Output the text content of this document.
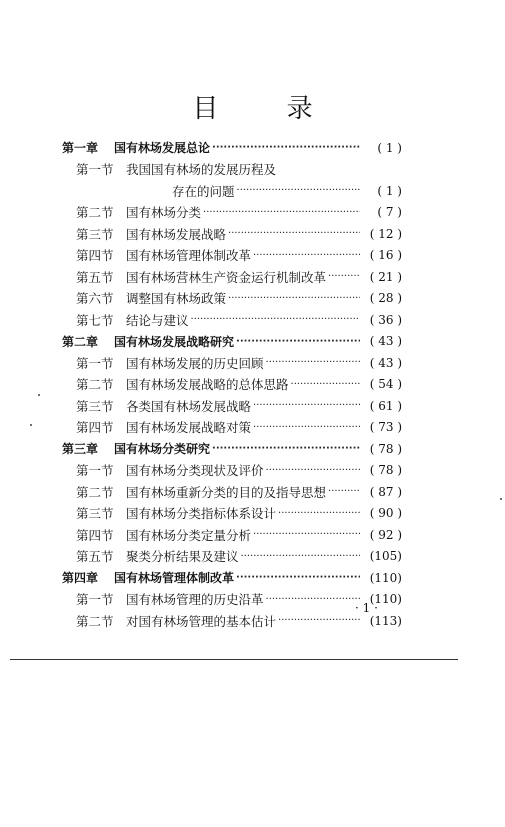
目 录
第一章	国有林场发展总论 ·····	( 1 )
第一节 我国国有林场的发展历程及
存在的问题 ·····	( 1 )
第二节 国有林场分类 ·····	( 7 )
第三节 国有林场发展战略 ·····	( 12 )
第四节 国有林场管理体制改革 ·····	( 16 )
第五节 国有林场营林生产资金运行机制改革 ·····	( 21 )
第六节 调整国有林场政策 ·····	( 28 )
第七节 结论与建议 ·····	( 36 )
第二章	国有林场发展战略研究 ·····	( 43 )
第一节 国有林场发展的历史回顾 ·····	( 43 )
第二节 国有林场发展战略的总体思路 ·····	( 54 )
第三节 各类国有林场发展战略 ·····	( 61 )
第四节 国有林场发展战略对策 ·····	( 73 )
第三章	国有林场分类研究 ·····	( 78 )
第一节 国有林场分类现状及评价 ·····	( 78 )
第二节 国有林场重新分类的目的及指导思想 ·····	( 87 )
第三节 国有林场分类指标体系设计 ·····	( 90 )
第四节 国有林场分类定量分析 ·····	( 92 )
第五节 聚类分析结果及建议 ·····	(105)
第四章	国有林场管理体制改革 ·····	(110)
第一节 国有林场管理的历史沿革 ·····	(110)
第二节 对国有林场管理的基本估计 ·····	(113)
· 1 ·
